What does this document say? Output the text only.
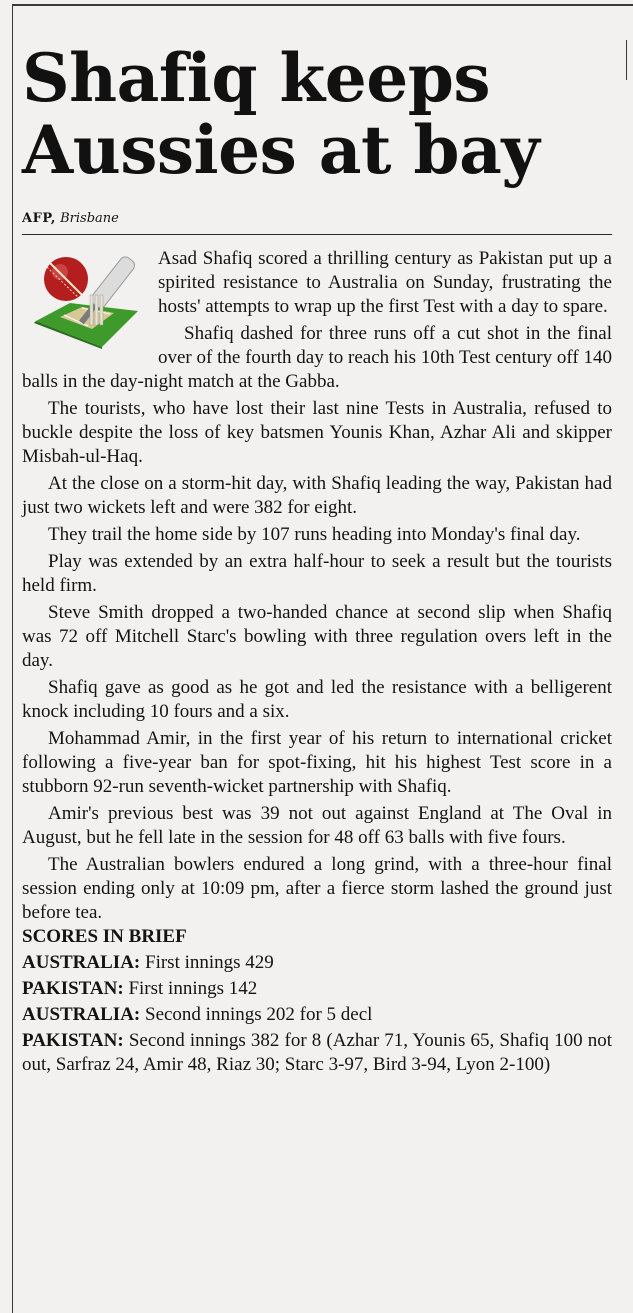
Shafiq keeps
Aussies at bay
AFP, Brisbane

Asad Shafiq scored a thrilling century as Pakistan put up a spirited resistance to Australia on Sunday, frustrating the hosts' attempts to wrap up the first Test with a day to spare.

Shafiq dashed for three runs off a cut shot in the final over of the fourth day to reach his 10th Test century off 140 balls in the day-night match at the Gabba.

The tourists, who have lost their last nine Tests in Australia, refused to buckle despite the loss of key batsmen Younis Khan, Azhar Ali and skipper Misbah-ul-Haq.

At the close on a storm-hit day, with Shafiq leading the way, Pakistan had just two wickets left and were 382 for eight.

They trail the home side by 107 runs heading into Monday's final day.

Play was extended by an extra half-hour to seek a result but the tourists held firm.

Steve Smith dropped a two-handed chance at second slip when Shafiq was 72 off Mitchell Starc's bowling with three regulation overs left in the day.

Shafiq gave as good as he got and led the resistance with a belligerent knock including 10 fours and a six.

Mohammad Amir, in the first year of his return to international cricket following a five-year ban for spot-fixing, hit his highest Test score in a stubborn 92-run seventh-wicket partnership with Shafiq.

Amir's previous best was 39 not out against England at The Oval in August, but he fell late in the session for 48 off 63 balls with five fours.

The Australian bowlers endured a long grind, with a three-hour final session ending only at 10:09 pm, after a fierce storm lashed the ground just before tea.

SCORES IN BRIEF
AUSTRALIA: First innings 429
PAKISTAN: First innings 142
AUSTRALIA: Second innings 202 for 5 decl
PAKISTAN: Second innings 382 for 8 (Azhar 71, Younis 65, Shafiq 100 not out, Sarfraz 24, Amir 48, Riaz 30; Starc 3-97, Bird 3-94, Lyon 2-100)
